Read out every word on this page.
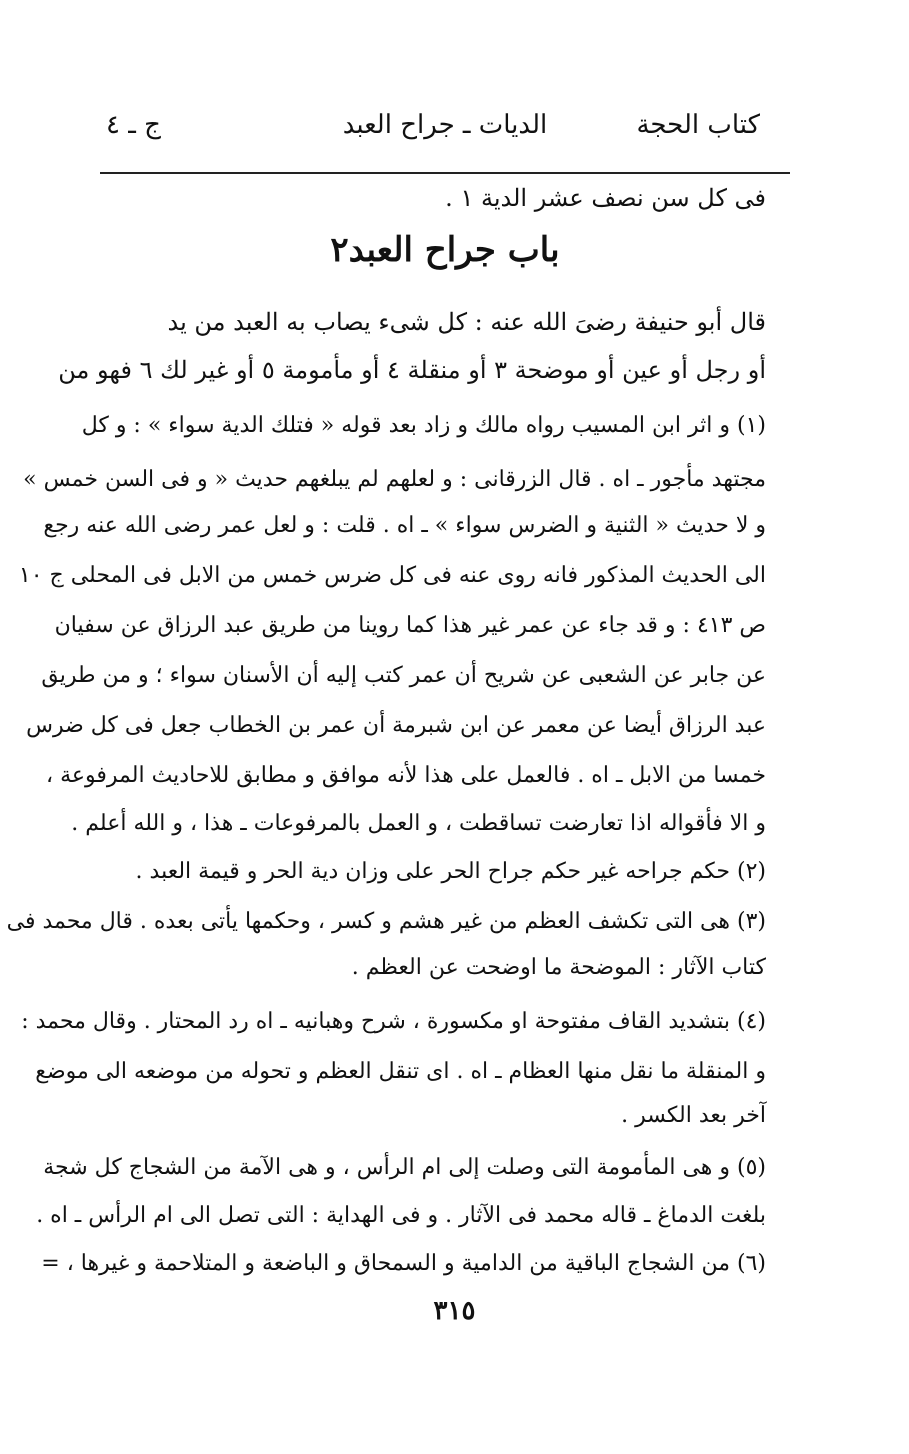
كتاب الحجة
الديات ـ جراح العبد
ج ـ ٤
فى كل سن نصف عشر الدية ١ .
باب جراح العبد٢
قال أبو حنيفة رضىَ الله عنه : كل شىء يصاب به العبد من يد
أو رجل أو عين أو موضحة ٣ أو منقلة ٤ أو مأمومة ٥ أو غير لك ٦ فهو من
(١) و اثر ابن المسيب رواه مالك و زاد بعد قوله « فتلك الدية سواء » : و كل
مجتهد مأجور ـ اه . قال الزرقانى : و لعلهم لم يبلغهم حديث « و فى السن خمس »
و لا حديث « الثنية و الضرس سواء » ـ اه . قلت : و لعل عمر رضى الله عنه رجع
الى الحديث المذكور فانه روى عنه فى كل ضرس خمس من الابل فى المحلى ج ١٠
ص ٤١٣ : و قد جاء عن عمر غير هذا كما روينا من طريق عبد الرزاق عن سفيان
عن جابر عن الشعبى عن شريح أن عمر كتب إليه أن الأسنان سواء ؛ و من طريق
عبد الرزاق أيضا عن معمر عن ابن شبرمة أن عمر بن الخطاب جعل فى كل ضرس
خمسا من الابل ـ اه . فالعمل على هذا لأنه موافق و مطابق للاحاديث المرفوعة ،
و الا فأقواله اذا تعارضت تساقطت ، و العمل بالمرفوعات ـ هذا ، و الله أعلم .
(٢) حكم جراحه غير حكم جراح الحر على وزان دية الحر و قيمة العبد .
(٣) هى التى تكشف العظم من غير هشم و كسر ، وحكمها يأتى بعده . قال محمد فى
كتاب الآثار : الموضحة ما اوضحت عن العظم .
(٤) بتشديد القاف مفتوحة او مكسورة ، شرح وهبانيه ـ اه رد المحتار . وقال محمد :
و المنقلة ما نقل منها العظام ـ اه . اى تنقل العظم و تحوله من موضعه الى موضع
آخر بعد الكسر .
(٥) و هى المأمومة التى وصلت إلى ام الرأس ، و هى الآمة من الشجاج كل شجة
بلغت الدماغ ـ قاله محمد فى الآثار . و فى الهداية : التى تصل الى ام الرأس ـ اه .
(٦) من الشجاج الباقية من الدامية و السمحاق و الباضعة و المتلاحمة و غيرها ، =
٣١٥
